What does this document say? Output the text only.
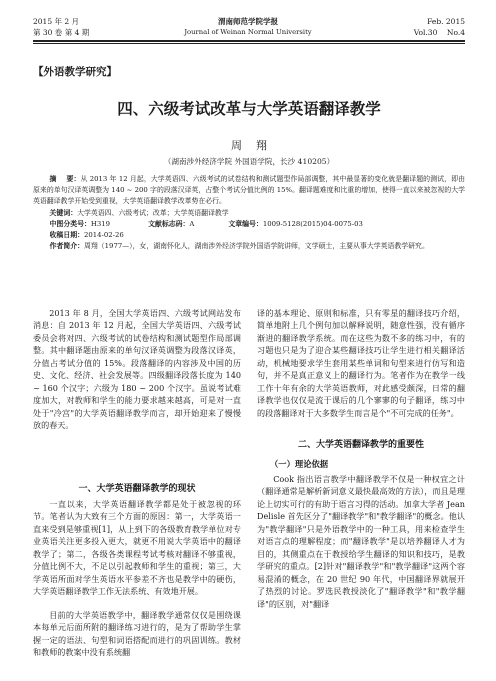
2015 年 2 月
第 30 卷 第 4 期
渭南师范学院学报
Journal of Weinan Normal University
Feb. 2015
Vol.30    No.4
【外语教学研究】
四、六级考试改革与大学英语翻译教学
周    翔
（湖南涉外经济学院 外国语学院，长沙 410205）

摘    要：从 2013 年 12 月起，大学英语四、六级考试的试卷结构和测试题型作局部调整，其中最显著的变化就是翻译题的测试，即由原来的单句汉译英调整为 140 ~ 200 字的段落汉译英，占整个考试分值比例的 15%。翻译题难度和比重的增加，使得一直以来被忽视的大学英语翻译教学开始受到重视，大学英语翻译教学改革势在必行。

关键词：大学英语四、六级考试；改革；大学英语翻译教学

中图分类号：H319	文献标志码：A	文章编号：1009-5128(2015)04-0075-03

收稿日期：2014-02-26

作者简介：周翔（1977—），女，湖南怀化人，湖南涉外经济学院外国语学院讲师，文学硕士，主要从事大学英语教学研究。

2013 年 8 月，全国大学英语四、六级考试网站发布消息：自 2013 年 12 月起，全国大学英语四、六级考试委员会将对四、六级考试的试卷结构和测试题型作局部调整。其中翻译题由原来的单句汉译英调整为段落汉译英，分值占考试分值的 15%。段落翻译的内容涉及中国的历史、文化、经济、社会发展等。四级翻译段落长度为 140 ~ 160 个汉字；六级为 180 ~ 200 个汉字。虽说考试难度加大，对教师和学生的能力要求越来越高，可是对一直处于"冷宫"的大学英语翻译教学而言，却开始迎来了慢慢放的春天。

一、大学英语翻译教学的现状

一直以来，大学英语翻译教学都是处于被忽视的环节。笔者认为大致有三个方面的原因：第一，大学英语一直来受到是够重视[1]，从上到下的各级教育教学单位对专业英语关注更多投入更大，就更不用说大学英语中的翻译教学了；第二，各级各类课程考试考核对翻译不够重视，分值比例不大，不足以引起教师和学生的重视；第三，大学英语所面对学生英语水平参差不齐也是教学中的硬伤，大学英语翻译教学工作无法系统、有效地开展。

目前的大学英语教学中，翻译教学通常仅仅是围绕课本每单元后面所附的翻译练习进行的，是为了帮助学生掌握一定的语法、句型和词语搭配而进行的巩固训练。教材和教师的教案中没有系统翻

译的基本理论、原则和标准，只有零星的翻译技巧介绍，简单地附上几个例句加以解释说明，随意性强，没有循序渐进的翻译教学系统。而在这些为数不多的练习中，有的习题也只是为了迎合某些翻译技巧让学生进行相关翻译活动，机械地要求学生套用某些单词和句型来进行仿写和造句，并不是真正意义上的翻译行为。笔者作为在教学一线工作十年有余的大学英语教师，对此感受颇深，日常的翻译教学也仅仅是流于课后的几个寥寥的句子翻译，练习中的段落翻译对于大多数学生而言是个"不可完成的任务"。

二、大学英语翻译教学的重要性
（一）理论依据

Cook 指出语言教学中翻译教学不仅是一种权宜之计（翻译通常是解析新词意义最快最高效的方法），而且是理论上切实可行的有助于语言习得的活动。加拿大学者 Jean Delisle 首先区分了"翻译教学"和"教学翻译"的概念。他认为"教学翻译"只是外语教学中的一种工具，用来检查学生对语言点的理解程度；而"翻译教学"是以培养翻译人才为目的，其侧重点在于教授给学生翻译的知识和技巧，是教学研究的重点。[2]针对"翻译教学"和"教学翻译"这两个容易混淆的概念，在 20 世纪 90 年代，中国翻译界就展开了热烈的讨论。罗选民教授淡化了"翻译教学"和"教学翻译"的区别，对"翻译
